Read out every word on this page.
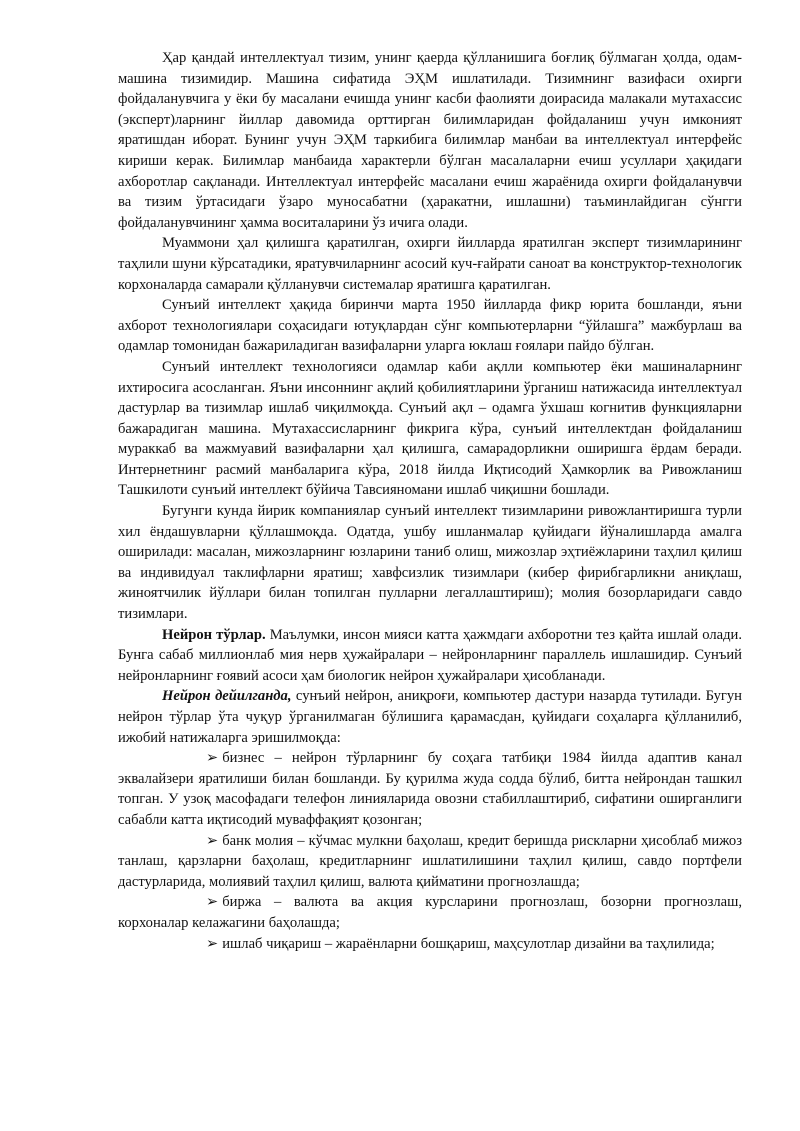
Ҳар қандай интеллектуал тизим, унинг қаерда қўлланишига боғлиқ бўлмаган ҳолда, одам-машина тизимидир. Машина сифатида ЭҲМ ишлатилади. Тизимнинг вазифаси охирги фойдаланувчига у ёки бу масалани ечишда унинг касби фаолияти доирасида малакали мутахассис (эксперт)ларнинг йиллар давомида орттирган билимларидан фойдаланиш учун имконият яратишдан иборат. Бунинг учун ЭҲМ таркибига билимлар манбаи ва интеллектуал интерфейс кириши керак. Билимлар манбаида характерли бўлган масалаларни ечиш усуллари ҳақидаги ахборотлар сақланади. Интеллектуал интерфейс масалани ечиш жараёнида охирги фойдаланувчи ва тизим ўртасидаги ўзаро муносабатни (ҳаракатни, ишлашни) таъминлайдиган сўнгги фойдаланувчининг ҳамма воситаларини ўз ичига олади.

Муаммони ҳал қилишга қаратилган, охирги йилларда яратилган эксперт тизимларининг таҳлили шуни кўрсатадики, яратувчиларнинг асосий куч-ғайрати саноат ва конструктор-технологик корхоналарда самарали қўлланувчи системалар яратишга қаратилган.

Сунъий интеллект ҳақида биринчи марта 1950 йилларда фикр юрита бошланди, яъни ахборот технологиялари соҳасидаги ютуқлардан сўнг компьютерларни “ўйлашга” мажбурлаш ва одамлар томонидан бажариладиган вазифаларни уларга юклаш ғоялари пайдо бўлган.

Сунъий интеллект технологияси одамлар каби ақлли компьютер ёки машиналарнинг ихтиросига асосланган. Яъни инсоннинг ақлий қобилиятларини ўрганиш натижасида интеллектуал дастурлар ва тизимлар ишлаб чиқилмоқда. Сунъий ақл – одамга ўхшаш когнитив функцияларни бажарадиган машина. Мутахассисларнинг фикрига кўра, сунъий интеллектдан фойдаланиш мураккаб ва мажмуавий вазифаларни ҳал қилишга, самарадорликни оширишга ёрдам беради. Интернетнинг расмий манбаларига кўра, 2018 йилда Иқтисодий Ҳамкорлик ва Ривожланиш Ташкилоти сунъий интеллект бўйича Тавсияномани ишлаб чиқишни бошлади.

Бугунги кунда йирик компаниялар сунъий интеллект тизимларини ривожлантиришга турли хил ёндашувларни қўллашмоқда. Одатда, ушбу ишланмалар қуйидаги йўналишларда амалга оширилади: масалан, мижозларнинг юзларини таниб олиш, мижозлар эҳтиёжларини таҳлил қилиш ва индивидуал таклифларни яратиш; хавфсизлик тизимлари (кибер фирибгарликни аниқлаш, жиноятчилик йўллари билан топилган пулларни легаллаштириш); молия бозорларидаги савдо тизимлари.

Нейрон тўрлар. Маълумки, инсон мияси катта ҳажмдаги ахборотни тез қайта ишлай олади. Бунга сабаб миллионлаб мия нерв ҳужайралари – нейронларнинг параллель ишлашидир. Сунъий нейронларнинг ғоявий асоси ҳам биологик нейрон ҳужайралари ҳисобланади.

Нейрон дейилганда, сунъий нейрон, аниқроғи, компьютер дастури назарда тутилади. Бугун нейрон тўрлар ўта чуқур ўрганилмаган бўлишига қарамасдан, қуйидаги соҳаларга қўлланилиб, ижобий натижаларга эришилмоқда:

➢ бизнес – нейрон тўрларнинг бу соҳага татбиқи 1984 йилда адаптив канал эквалайзери яратилиши билан бошланди. Бу қурилма жуда содда бўлиб, битта нейрондан ташкил топган. У узоқ масофадаги телефон линияларида овозни стабиллаштириб, сифатини оширганлиги сабабли катта иқтисодий муваффақият қозонган;

➢ банк молия – кўчмас мулкни баҳолаш, кредит беришда рискларни ҳисоблаб мижоз танлаш, қарзларни баҳолаш, кредитларнинг ишлатилишини таҳлил қилиш, савдо портфели дастурларида, молиявий таҳлил қилиш, валюта қийматини прогнозлашда;

➢ биржа – валюта ва акция курсларини прогнозлаш, бозорни прогнозлаш, корхоналар келажагини баҳолашда;

➢ ишлаб чиқариш – жараёнларни бошқариш, маҳсулотлар дизайни ва таҳлилида;
